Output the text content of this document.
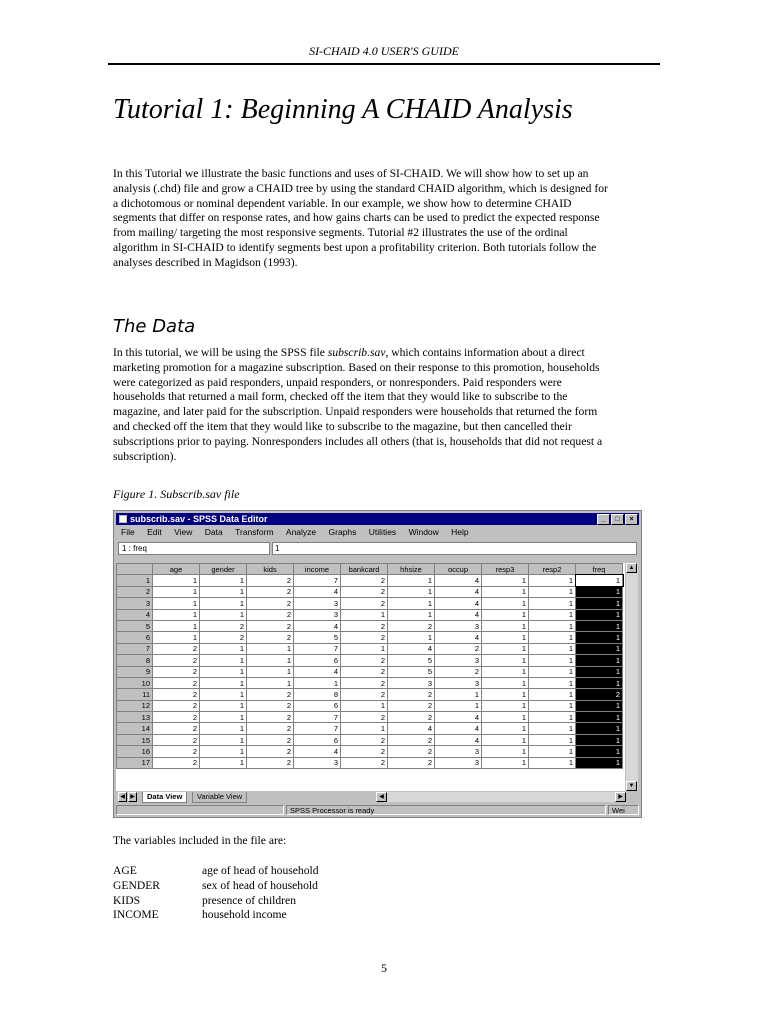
SI-CHAID 4.0 USER'S GUIDE
Tutorial 1: Beginning A CHAID Analysis
In this Tutorial we illustrate the basic functions and uses of SI-CHAID. We will show how to set up an
analysis (.chd) file and grow a CHAID tree by using the standard CHAID algorithm, which is designed for
a dichotomous or nominal dependent variable. In our example, we show how to determine CHAID
segments that differ on response rates, and how gains charts can be used to predict the expected response
from mailing/ targeting the most responsive segments. Tutorial #2 illustrates the use of the ordinal
algorithm in SI-CHAID to identify segments best upon a profitability criterion. Both tutorials follow the
analyses described in Magidson (1993).
The Data
In this tutorial, we will be using the SPSS file subscrib.sav, which contains information about a direct
marketing promotion for a magazine subscription. Based on their response to this promotion, households
were categorized as paid responders, unpaid responders, or nonresponders. Paid responders were
households that returned a mail form, checked off the item that they would like to subscribe to the
magazine, and later paid for the subscription. Unpaid responders were households that returned the form
and checked off the item that they would like to subscribe to the magazine, but then cancelled their
subscriptions prior to paying. Nonresponders includes all others (that is, households that did not request a
subscription).
Figure 1. Subscrib.sav file
subscrib.sav - SPSS Data Editor	_ □ ×
File Edit View Data Transform Analyze Graphs Utilities Window Help
1 : freq	1
	age	gender	kids	income	bankcard	hhsize	occup	resp3	resp2	freq
1	1	1	2	7	2	1	4	1	1	1
2	1	1	2	4	2	1	4	1	1	1
3	1	1	2	3	2	1	4	1	1	1
4	1	1	2	3	1	1	4	1	1	1
5	1	2	2	4	2	2	3	1	1	1
6	1	2	2	5	2	1	4	1	1	1
7	2	1	1	7	1	4	2	1	1	1
8	2	1	1	6	2	5	3	1	1	1
9	2	1	1	4	2	5	2	1	1	1
10	2	1	1	1	2	3	3	1	1	1
11	2	1	2	8	2	2	1	1	1	2
12	2	1	2	6	1	2	1	1	1	1
13	2	1	2	7	2	2	4	1	1	1
14	2	1	2	7	1	4	4	1	1	1
15	2	1	2	6	2	2	4	1	1	1
16	2	1	2	4	2	2	3	1	1	1
17	2	1	2	3	2	2	3	1	1	1
▲
▼
◀ ▶	Data View	Variable View	◀	▶
SPSS Processor is ready	Wei
The variables included in the file are:
AGE	age of head of household
GENDER	sex of head of household
KIDS	presence of children
INCOME	household income
5
